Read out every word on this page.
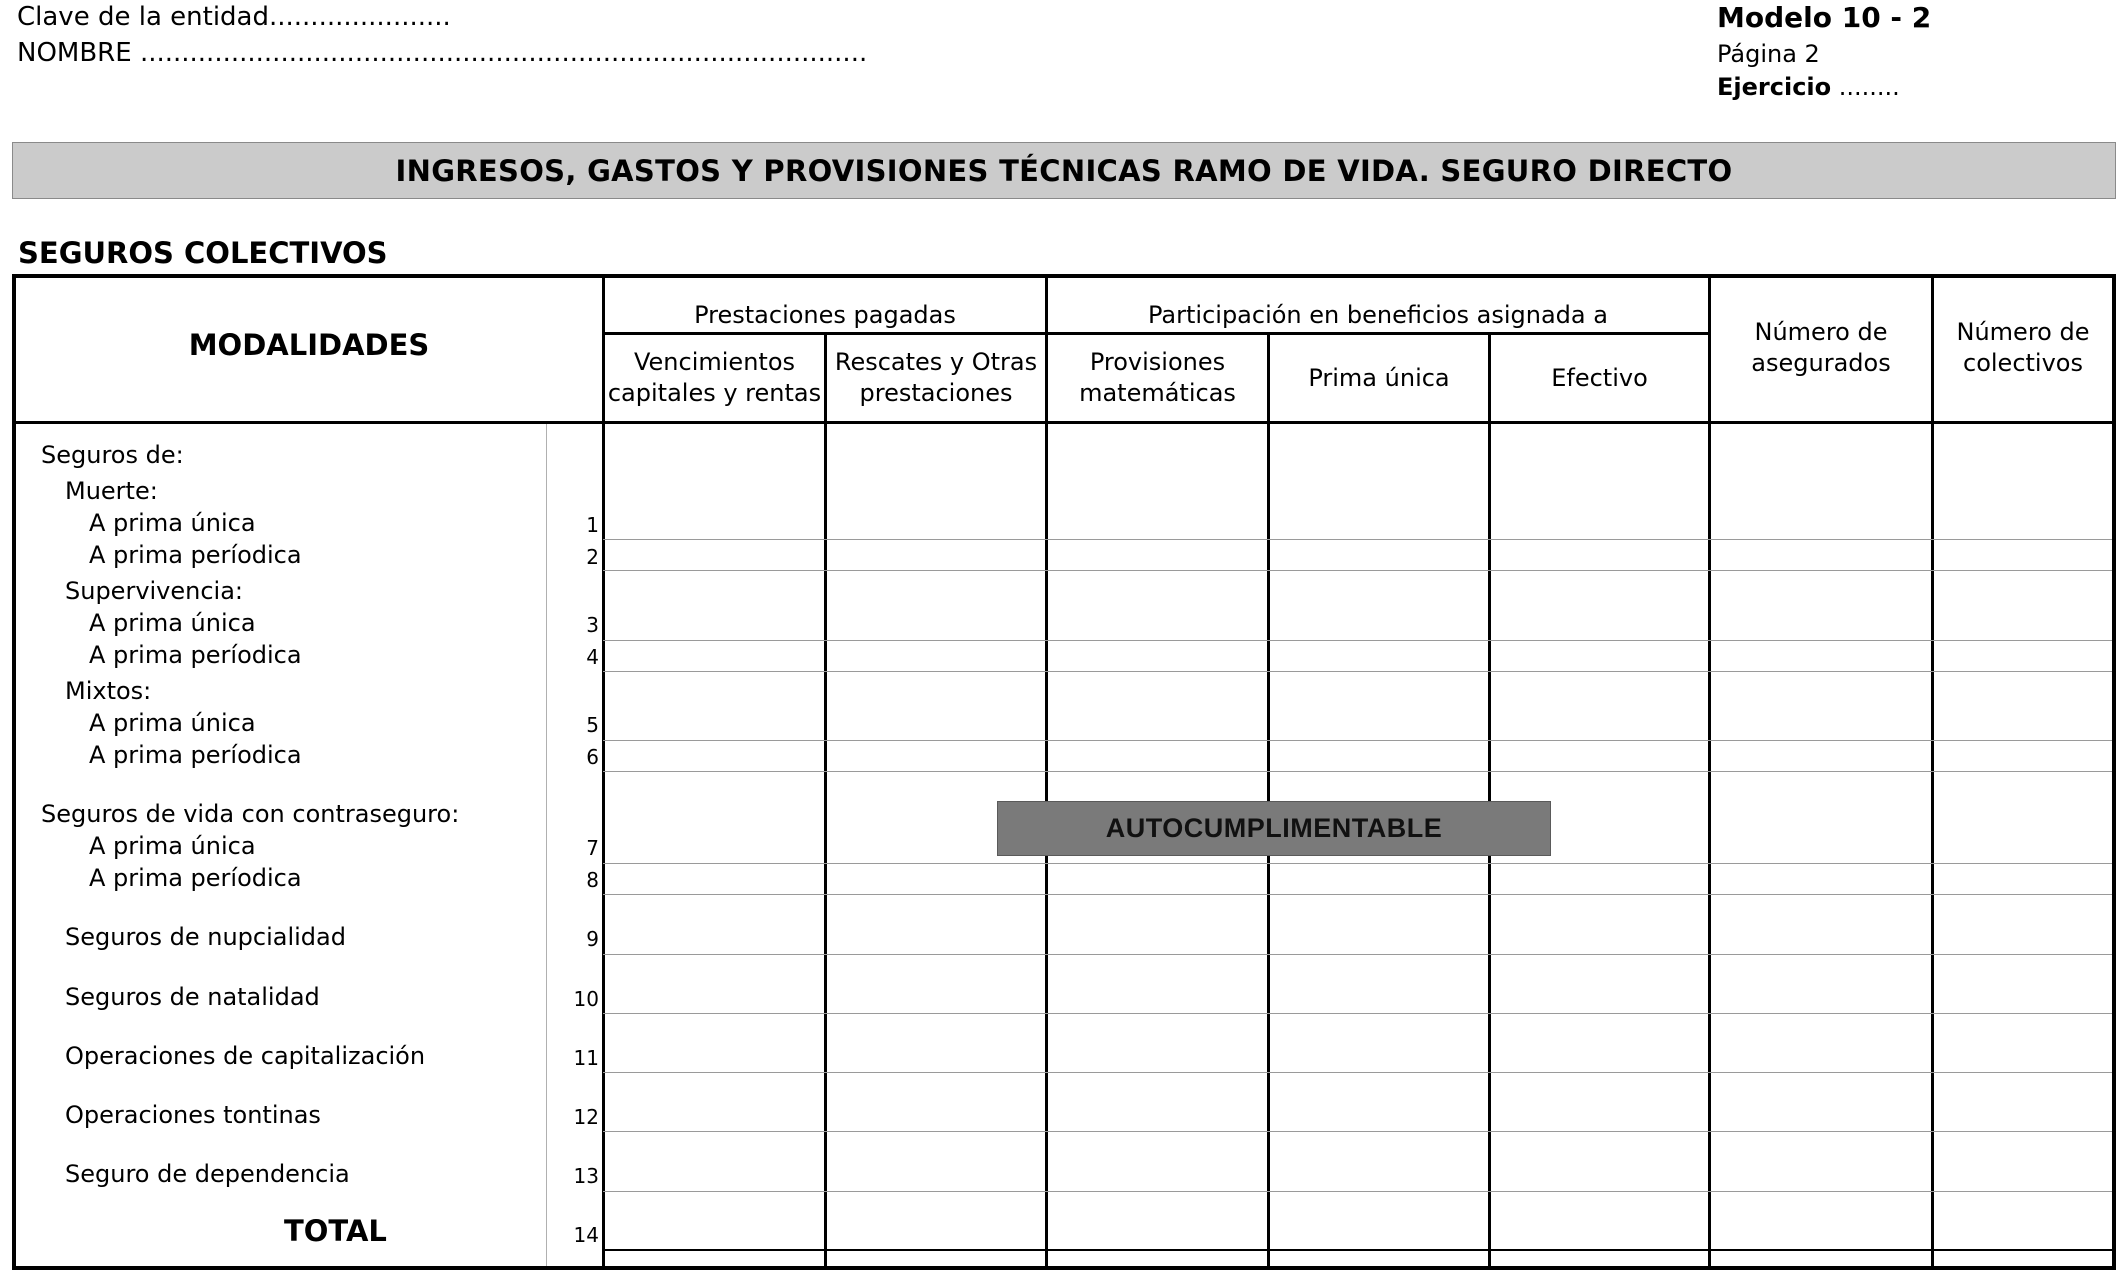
Clave de la entidad......................
NOMBRE ........................................................................................
Modelo 10 - 2
Página 2
Ejercicio ........
INGRESOS, GASTOS Y PROVISIONES TÉCNICAS RAMO DE VIDA. SEGURO DIRECTO
SEGUROS COLECTIVOS
MODALIDADES
Prestaciones pagadas	Participación en beneficios asignada a
Vencimientos
capitales y rentas
Rescates y Otras
prestaciones
Provisiones
matemáticas
Prima única	Efectivo
Número de
asegurados
Número de
colectivos
Seguros de:
Muerte:
A prima única
A prima períodica
Supervivencia:
A prima única
A prima períodica
Mixtos:
A prima única
A prima períodica
Seguros de vida con contraseguro:
A prima única
A prima períodica
Seguros de nupcialidad
Seguros de natalidad
Operaciones de capitalización
Operaciones tontinas
Seguro de dependencia
TOTAL
1
2
3
4
5
6
7
8
9
10
11
12
13
14
AUTOCUMPLIMENTABLE
